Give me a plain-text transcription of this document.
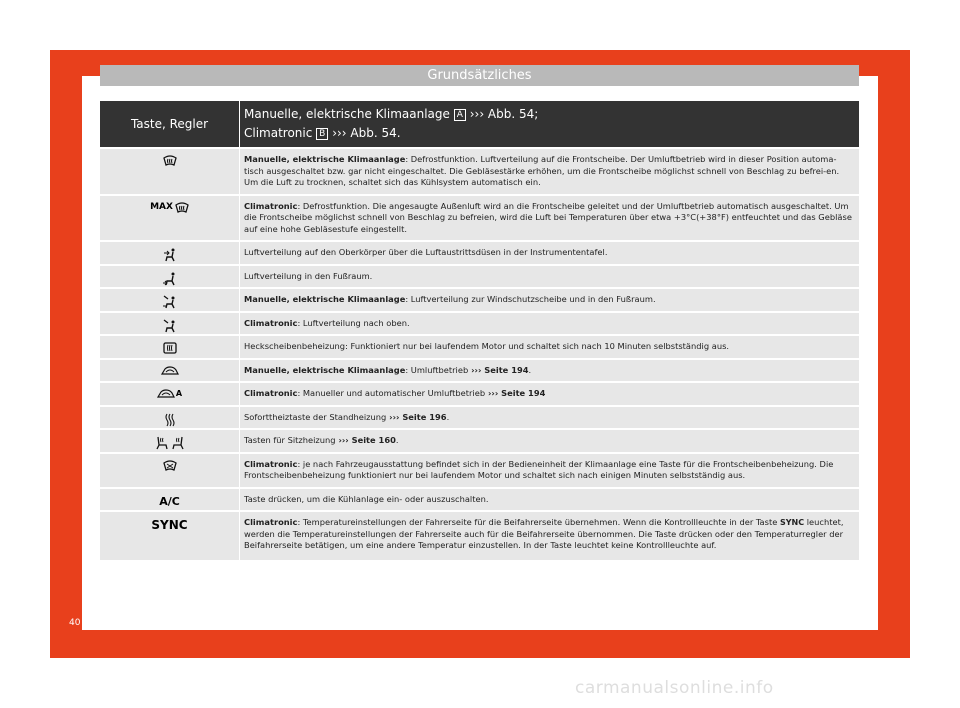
Grundsätzliches
Taste, Regler
Manuelle, elektrische Klimaanlage A ››› Abb. 54;
Climatronic B ››› Abb. 54.
Manuelle, elektrische Klimaanlage: Defrostfunktion. Luftverteilung auf die Frontscheibe. Der Umluftbetrieb wird in dieser Position automa-tisch ausgeschaltet bzw. gar nicht eingeschaltet. Die Gebläsestärke erhöhen, um die Frontscheibe möglichst schnell von Beschlag zu befrei-en. Um die Luft zu trocknen, schaltet sich das Kühlsystem automatisch ein.
MAX	Climatronic: Defrostfunktion. Die angesaugte Außenluft wird an die Frontscheibe geleitet und der Umluftbetrieb automatisch ausgeschaltet. Um die Frontscheibe möglichst schnell von Beschlag zu befreien, wird die Luft bei Temperaturen über etwa +3°C(+38°F) entfeuchtet und das Gebläse auf eine hohe Gebläsestufe eingestellt.
Luftverteilung auf den Oberkörper über die Luftaustrittsdüsen in der Instrumententafel.
Luftverteilung in den Fußraum.
Manuelle, elektrische Klimaanlage: Luftverteilung zur Windschutzscheibe und in den Fußraum.
Climatronic: Luftverteilung nach oben.
Heckscheibenbeheizung: Funktioniert nur bei laufendem Motor und schaltet sich nach 10 Minuten selbstständig aus.
Manuelle, elektrische Klimaanlage: Umluftbetrieb ››› Seite 194.
A	Climatronic: Manueller und automatischer Umluftbetrieb ››› Seite 194
Soforttheiztaste der Standheizung ››› Seite 196.
Tasten für Sitzheizung ››› Seite 160.
Climatronic: je nach Fahrzeugausstattung befindet sich in der Bedieneinheit der Klimaanlage eine Taste für die Frontscheibenbeheizung. Die Frontscheibenbeheizung funktioniert nur bei laufendem Motor und schaltet sich nach einigen Minuten selbstständig aus.
A/C	Taste drücken, um die Kühlanlage ein- oder auszuschalten.
SYNC	Climatronic: Temperatureinstellungen der Fahrerseite für die Beifahrerseite übernehmen. Wenn die Kontrollleuchte in der Taste SYNC leuchtet, werden die Temperatureinstellungen der Fahrerseite auch für die Beifahrerseite übernommen. Die Taste drücken oder den Temperaturregler der Beifahrerseite betätigen, um eine andere Temperatur einzustellen. In der Taste leuchtet keine Kontrollleuchte auf.
40
carmanualsonline.info
